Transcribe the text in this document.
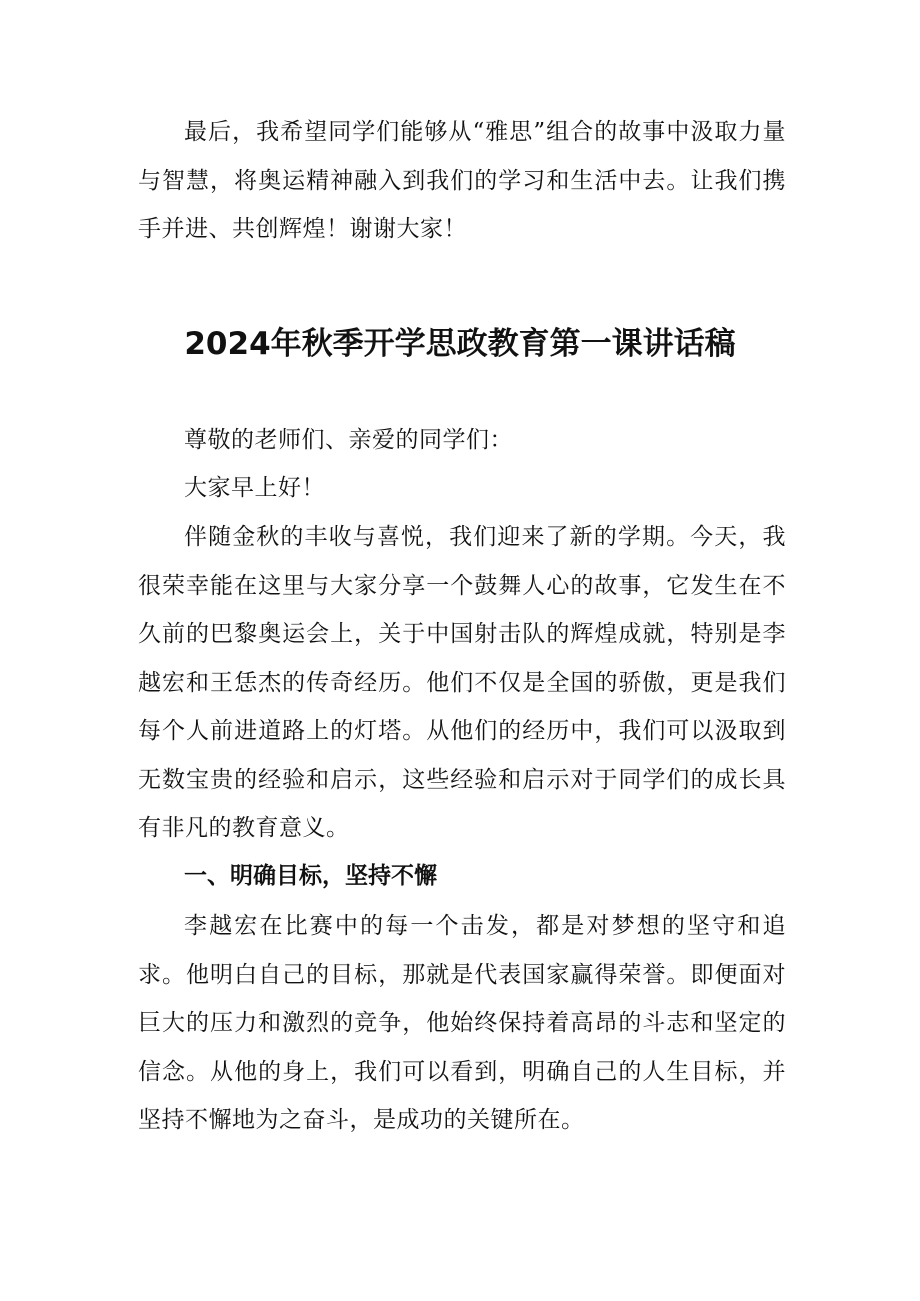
最后，我希望同学们能够从“雅思”组合的故事中汲取力量与智慧，将奥运精神融入到我们的学习和生活中去。让我们携手并进、共创辉煌！谢谢大家！

2024年秋季开学思政教育第一课讲话稿

尊敬的老师们、亲爱的同学们：

大家早上好！

伴随金秋的丰收与喜悦，我们迎来了新的学期。今天，我很荣幸能在这里与大家分享一个鼓舞人心的故事，它发生在不久前的巴黎奥运会上，关于中国射击队的辉煌成就，特别是李越宏和王恁杰的传奇经历。他们不仅是全国的骄傲，更是我们每个人前进道路上的灯塔。从他们的经历中，我们可以汲取到无数宝贵的经验和启示，这些经验和启示对于同学们的成长具有非凡的教育意义。

一、明确目标，坚持不懈

李越宏在比赛中的每一个击发，都是对梦想的坚守和追求。他明白自己的目标，那就是代表国家赢得荣誉。即便面对巨大的压力和激烈的竞争，他始终保持着高昂的斗志和坚定的信念。从他的身上，我们可以看到，明确自己的人生目标，并坚持不懈地为之奋斗，是成功的关键所在。
